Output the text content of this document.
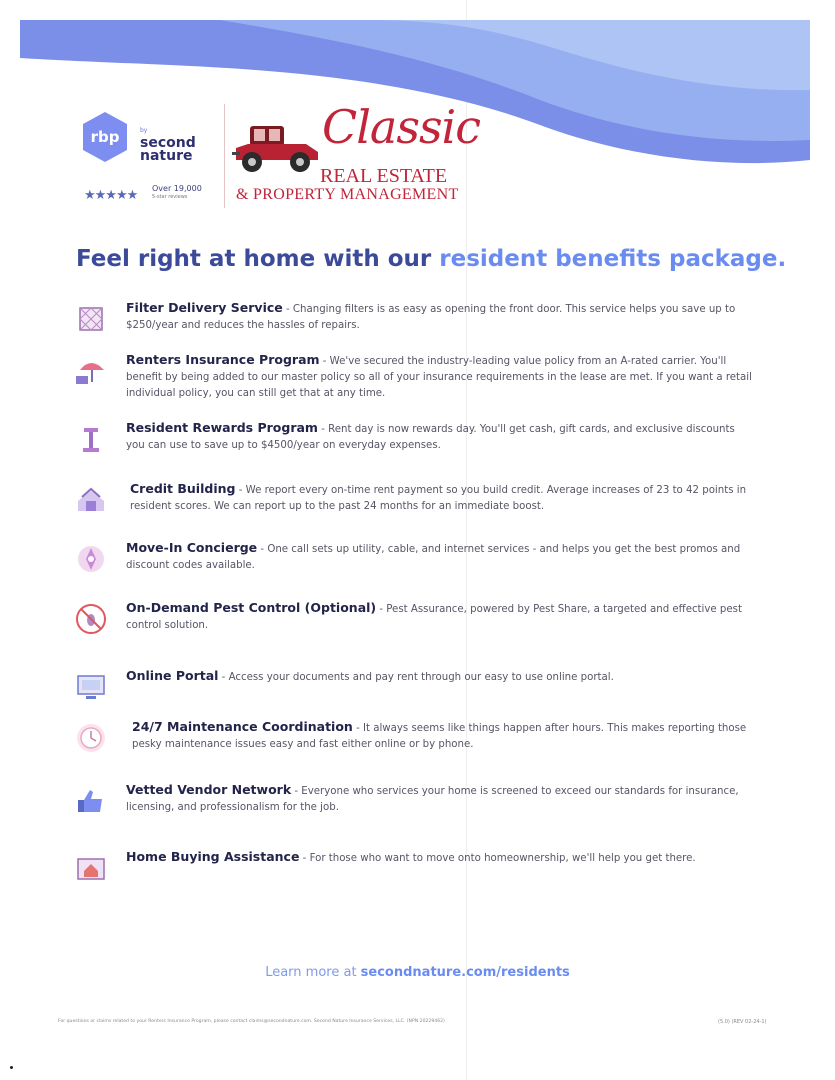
rbp	$^{by}$
second nature
★★★★★ Over 19,000
5-star reviews
Classic
REAL ESTATE
& PROPERTY MANAGEMENT
Feel right at home with our resident benefits package.
Filter Delivery Service - Changing filters is as easy as opening the front door. This service helps you save up to $250/year and reduces the hassles of repairs.
Renters Insurance Program - We've secured the industry-leading value policy from an A-rated carrier. You'll benefit by being added to our master policy so all of your insurance requirements in the lease are met. If you want a retail individual policy, you can still get that at any time.
Resident Rewards Program - Rent day is now rewards day. You'll get cash, gift cards, and exclusive discounts you can use to save up to $4500/year on everyday expenses.
Credit Building - We report every on-time rent payment so you build credit. Average increases of 23 to 42 points in resident scores. We can report up to the past 24 months for an immediate boost.
Move-In Concierge - One call sets up utility, cable, and internet services - and helps you get the best promos and discount codes available.
On-Demand Pest Control (Optional) - Pest Assurance, powered by Pest Share, a targeted and effective pest control solution.
Online Portal - Access your documents and pay rent through our easy to use online portal.
24/7 Maintenance Coordination - It always seems like things happen after hours. This makes reporting those pesky maintenance issues easy and fast either online or by phone.
Vetted Vendor Network - Everyone who services your home is screened to exceed our standards for insurance, licensing, and professionalism for the job.
Home Buying Assistance - For those who want to move onto homeownership, we'll help you get there.
Learn more at secondnature.com/residents
For questions or claims related to your Renters Insurance Program, please contact claims@secondnature.com. Second Nature Insurance Services, LLC. (NPN 20229462)	(5.0) (REV 02-24-1)
